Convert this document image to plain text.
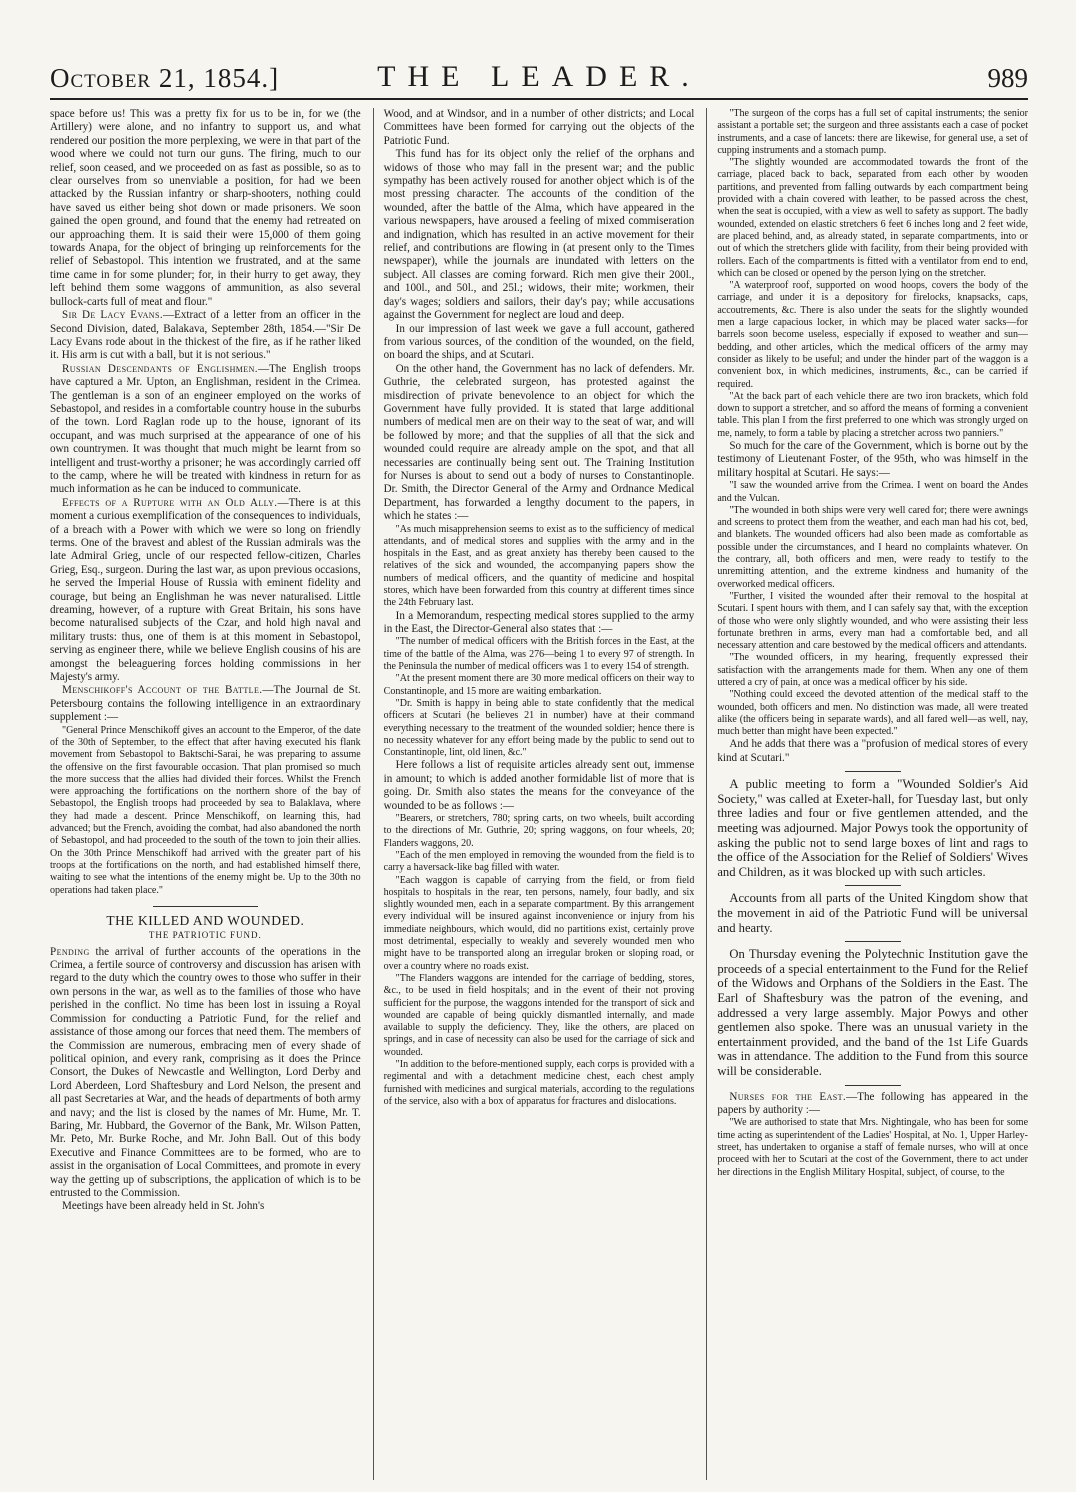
October 21, 1854.]	THE LEADER.	989

space before us! This was a pretty fix for us to be in, for we (the Artillery) were alone, and no infantry to support us, and what rendered our position the more perplexing, we were in that part of the wood where we could not turn our guns. The firing, much to our relief, soon ceased, and we proceeded on as fast as possible, so as to clear ourselves from so unenviable a position, for had we been attacked by the Russian infantry or sharp-shooters, nothing could have saved us either being shot down or made prisoners. We soon gained the open ground, and found that the enemy had retreated on our approaching them. It is said their were 15,000 of them going towards Anapa, for the object of bringing up reinforcements for the relief of Sebastopol. This intention we frustrated, and at the same time came in for some plunder; for, in their hurry to get away, they left behind them some waggons of ammunition, as also several bullock-carts full of meat and flour."

Sir De Lacy Evans.—Extract of a letter from an officer in the Second Division, dated, Balakava, September 28th, 1854.—"Sir De Lacy Evans rode about in the thickest of the fire, as if he rather liked it. His arm is cut with a ball, but it is not serious."

Russian Descendants of Englishmen.—The English troops have captured a Mr. Upton, an Englishman, resident in the Crimea. The gentleman is a son of an engineer employed on the works of Sebastopol, and resides in a comfortable country house in the suburbs of the town. Lord Raglan rode up to the house, ignorant of its occupant, and was much surprised at the appearance of one of his own countrymen. It was thought that much might be learnt from so intelligent and trust-worthy a prisoner; he was accordingly carried off to the camp, where he will be treated with kindness in return for as much information as he can be induced to communicate.

Effects of a Rupture with an Old Ally.—There is at this moment a curious exemplification of the consequences to individuals, of a breach with a Power with which we were so long on friendly terms. One of the bravest and ablest of the Russian admirals was the late Admiral Grieg, uncle of our respected fellow-citizen, Charles Grieg, Esq., surgeon. During the last war, as upon previous occasions, he served the Imperial House of Russia with eminent fidelity and courage, but being an Englishman he was never naturalised. Little dreaming, however, of a rupture with Great Britain, his sons have become naturalised subjects of the Czar, and hold high naval and military trusts: thus, one of them is at this moment in Sebastopol, serving as engineer there, while we believe English cousins of his are amongst the beleaguering forces holding commissions in her Majesty's army.

Menschikoff's Account of the Battle.—The Journal de St. Petersbourg contains the following intelligence in an extraordinary supplement :—

"General Prince Menschikoff gives an account to the Emperor, of the date of the 30th of September, to the effect that after having executed his flank movement from Sebastopol to Baktschi-Sarai, he was preparing to assume the offensive on the first favourable occasion. That plan promised so much the more success that the allies had divided their forces. Whilst the French were approaching the fortifications on the northern shore of the bay of Sebastopol, the English troops had proceeded by sea to Balaklava, where they had made a descent. Prince Menschikoff, on learning this, had advanced; but the French, avoiding the combat, had also abandoned the north of Sebastopol, and had proceeded to the south of the town to join their allies. On the 30th Prince Menschikoff had arrived with the greater part of his troops at the fortifications on the north, and had established himself there, waiting to see what the intentions of the enemy might be. Up to the 30th no operations had taken place."

THE KILLED AND WOUNDED.
THE PATRIOTIC FUND.

Pending the arrival of further accounts of the operations in the Crimea, a fertile source of controversy and discussion has arisen with regard to the duty which the country owes to those who suffer in their own persons in the war, as well as to the families of those who have perished in the conflict. No time has been lost in issuing a Royal Commission for conducting a Patriotic Fund, for the relief and assistance of those among our forces that need them. The members of the Commission are numerous, embracing men of every shade of political opinion, and every rank, comprising as it does the Prince Consort, the Dukes of Newcastle and Wellington, Lord Derby and Lord Aberdeen, Lord Shaftesbury and Lord Nelson, the present and all past Secretaries at War, and the heads of departments of both army and navy; and the list is closed by the names of Mr. Hume, Mr. T. Baring, Mr. Hubbard, the Governor of the Bank, Mr. Wilson Patten, Mr. Peto, Mr. Burke Roche, and Mr. John Ball. Out of this body Executive and Finance Committees are to be formed, who are to assist in the organisation of Local Committees, and promote in every way the getting up of subscriptions, the application of which is to be entrusted to the Commission.

Meetings have been already held in St. John's

Wood, and at Windsor, and in a number of other districts; and Local Committees have been formed for carrying out the objects of the Patriotic Fund.

This fund has for its object only the relief of the orphans and widows of those who may fall in the present war; and the public sympathy has been actively roused for another object which is of the most pressing character. The accounts of the condition of the wounded, after the battle of the Alma, which have appeared in the various newspapers, have aroused a feeling of mixed commiseration and indignation, which has resulted in an active movement for their relief, and contributions are flowing in (at present only to the Times newspaper), while the journals are inundated with letters on the subject. All classes are coming forward. Rich men give their 200l., and 100l., and 50l., and 25l.; widows, their mite; workmen, their day's wages; soldiers and sailors, their day's pay; while accusations against the Government for neglect are loud and deep.

In our impression of last week we gave a full account, gathered from various sources, of the condition of the wounded, on the field, on board the ships, and at Scutari.

On the other hand, the Government has no lack of defenders. Mr. Guthrie, the celebrated surgeon, has protested against the misdirection of private benevolence to an object for which the Government have fully provided. It is stated that large additional numbers of medical men are on their way to the seat of war, and will be followed by more; and that the supplies of all that the sick and wounded could require are already ample on the spot, and that all necessaries are continually being sent out. The Training Institution for Nurses is about to send out a body of nurses to Constantinople. Dr. Smith, the Director General of the Army and Ordnance Medical Department, has forwarded a lengthy document to the papers, in which he states :—

"As much misapprehension seems to exist as to the sufficiency of medical attendants, and of medical stores and supplies with the army and in the hospitals in the East, and as great anxiety has thereby been caused to the relatives of the sick and wounded, the accompanying papers show the numbers of medical officers, and the quantity of medicine and hospital stores, which have been forwarded from this country at different times since the 24th February last.

In a Memorandum, respecting medical stores supplied to the army in the East, the Director-General also states that :—

"The number of medical officers with the British forces in the East, at the time of the battle of the Alma, was 276—being 1 to every 97 of strength. In the Peninsula the number of medical officers was 1 to every 154 of strength.

"At the present moment there are 30 more medical officers on their way to Constantinople, and 15 more are waiting embarkation.

"Dr. Smith is happy in being able to state confidently that the medical officers at Scutari (he believes 21 in number) have at their command everything necessary to the treatment of the wounded soldier; hence there is no necessity whatever for any effort being made by the public to send out to Constantinople, lint, old linen, &c."

Here follows a list of requisite articles already sent out, immense in amount; to which is added another formidable list of more that is going. Dr. Smith also states the means for the conveyance of the wounded to be as follows :—

"Bearers, or stretchers, 780; spring carts, on two wheels, built according to the directions of Mr. Guthrie, 20; spring waggons, on four wheels, 20; Flanders waggons, 20.

"Each of the men employed in removing the wounded from the field is to carry a haversack-like bag filled with water.

"Each waggon is capable of carrying from the field, or from field hospitals to hospitals in the rear, ten persons, namely, four badly, and six slightly wounded men, each in a separate compartment. By this arrangement every individual will be insured against inconvenience or injury from his immediate neighbours, which would, did no partitions exist, certainly prove most detrimental, especially to weakly and severely wounded men who might have to be transported along an irregular broken or sloping road, or over a country where no roads exist.

"The Flanders waggons are intended for the carriage of bedding, stores, &c., to be used in field hospitals; and in the event of their not proving sufficient for the purpose, the waggons intended for the transport of sick and wounded are capable of being quickly dismantled internally, and made available to supply the deficiency. They, like the others, are placed on springs, and in case of necessity can also be used for the carriage of sick and wounded.

"In addition to the before-mentioned supply, each corps is provided with a regimental and with a detachment medicine chest, each chest amply furnished with medicines and surgical materials, according to the regulations of the service, also with a box of apparatus for fractures and dislocations.

"The surgeon of the corps has a full set of capital instruments; the senior assistant a portable set; the surgeon and three assistants each a case of pocket instruments, and a case of lancets: there are likewise, for general use, a set of cupping instruments and a stomach pump.

"The slightly wounded are accommodated towards the front of the carriage, placed back to back, separated from each other by wooden partitions, and prevented from falling outwards by each compartment being provided with a chain covered with leather, to be passed across the chest, when the seat is occupied, with a view as well to safety as support. The badly wounded, extended on elastic stretchers 6 feet 6 inches long and 2 feet wide, are placed behind, and, as already stated, in separate compartments, into or out of which the stretchers glide with facility, from their being provided with rollers. Each of the compartments is fitted with a ventilator from end to end, which can be closed or opened by the person lying on the stretcher.

"A waterproof roof, supported on wood hoops, covers the body of the carriage, and under it is a depository for firelocks, knapsacks, caps, accoutrements, &c. There is also under the seats for the slightly wounded men a large capacious locker, in which may be placed water sacks—for barrels soon become useless, especially if exposed to weather and sun—bedding, and other articles, which the medical officers of the army may consider as likely to be useful; and under the hinder part of the waggon is a convenient box, in which medicines, instruments, &c., can be carried if required.

"At the back part of each vehicle there are two iron brackets, which fold down to support a stretcher, and so afford the means of forming a convenient table. This plan I from the first preferred to one which was strongly urged on me, namely, to form a table by placing a stretcher across two panniers."

So much for the care of the Government, which is borne out by the testimony of Lieutenant Foster, of the 95th, who was himself in the military hospital at Scutari. He says:—

"I saw the wounded arrive from the Crimea. I went on board the Andes and the Vulcan.

"The wounded in both ships were very well cared for; there were awnings and screens to protect them from the weather, and each man had his cot, bed, and blankets. The wounded officers had also been made as comfortable as possible under the circumstances, and I heard no complaints whatever. On the contrary, all, both officers and men, were ready to testify to the unremitting attention, and the extreme kindness and humanity of the overworked medical officers.

"Further, I visited the wounded after their removal to the hospital at Scutari. I spent hours with them, and I can safely say that, with the exception of those who were only slightly wounded, and who were assisting their less fortunate brethren in arms, every man had a comfortable bed, and all necessary attention and care bestowed by the medical officers and attendants.

"The wounded officers, in my hearing, frequently expressed their satisfaction with the arrangements made for them. When any one of them uttered a cry of pain, at once was a medical officer by his side.

"Nothing could exceed the devoted attention of the medical staff to the wounded, both officers and men. No distinction was made, all were treated alike (the officers being in separate wards), and all fared well—as well, nay, much better than might have been expected."

And he adds that there was a "profusion of medical stores of every kind at Scutari."

A public meeting to form a "Wounded Soldier's Aid Society," was called at Exeter-hall, for Tuesday last, but only three ladies and four or five gentlemen attended, and the meeting was adjourned. Major Powys took the opportunity of asking the public not to send large boxes of lint and rags to the office of the Association for the Relief of Soldiers' Wives and Children, as it was blocked up with such articles.

Accounts from all parts of the United Kingdom show that the movement in aid of the Patriotic Fund will be universal and hearty.

On Thursday evening the Polytechnic Institution gave the proceeds of a special entertainment to the Fund for the Relief of the Widows and Orphans of the Soldiers in the East. The Earl of Shaftesbury was the patron of the evening, and addressed a very large assembly. Major Powys and other gentlemen also spoke. There was an unusual variety in the entertainment provided, and the band of the 1st Life Guards was in attendance. The addition to the Fund from this source will be considerable.

Nurses for the East.—The following has appeared in the papers by authority :—

"We are authorised to state that Mrs. Nightingale, who has been for some time acting as superintendent of the Ladies' Hospital, at No. 1, Upper Harley-street, has undertaken to organise a staff of female nurses, who will at once proceed with her to Scutari at the cost of the Government, there to act under her directions in the English Military Hospital, subject, of course, to the
